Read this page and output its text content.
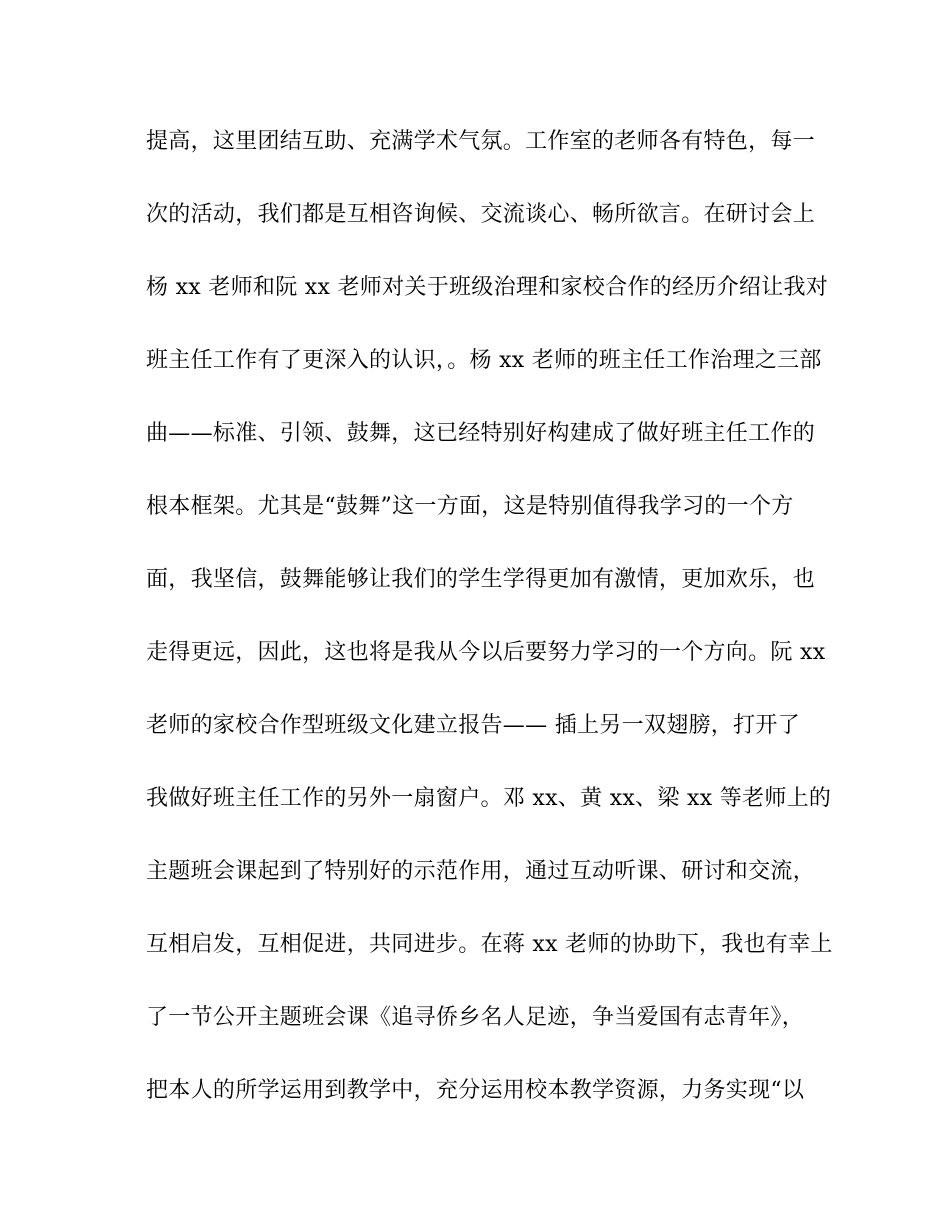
提高，这里团结互助、充满学术气氛。工作室的老师各有特色，每一
次的活动，我们都是互相咨询候、交流谈心、畅所欲言。在研讨会上
杨 xx 老师和阮 xx 老师对关于班级治理和家校合作的经历介绍让我对
班主任工作有了更深入的认识，。杨 xx 老师的班主任工作治理之三部
曲——标准、引领、鼓舞，这已经特别好构建成了做好班主任工作的
根本框架。尤其是“鼓舞”这一方面，这是特别值得我学习的一个方
面，我坚信，鼓舞能够让我们的学生学得更加有激情，更加欢乐，也
走得更远，因此，这也将是我从今以后要努力学习的一个方向。阮 xx
老师的家校合作型班级文化建立报告—— 插上另一双翅膀，打开了
我做好班主任工作的另外一扇窗户。邓 xx、黄 xx、梁 xx 等老师上的
主题班会课起到了特别好的示范作用，通过互动听课、研讨和交流，
互相启发，互相促进，共同进步。在蒋 xx 老师的协助下，我也有幸上
了一节公开主题班会课《追寻侨乡名人足迹，争当爱国有志青年》，
把本人的所学运用到教学中，充分运用校本教学资源，力务实现“以
